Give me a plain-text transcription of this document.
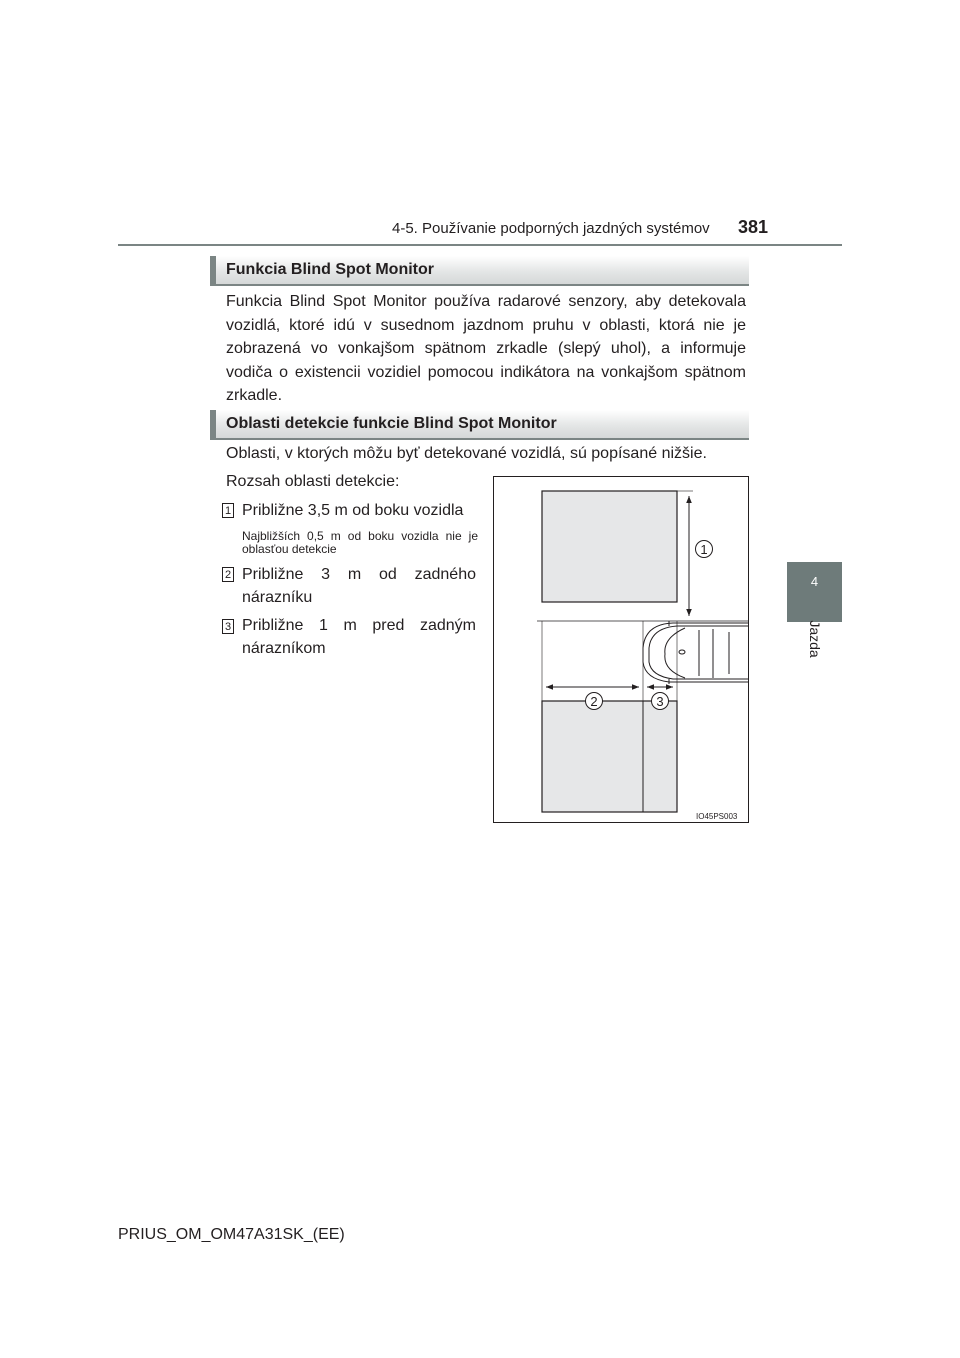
4-5. Používanie podporných jazdných systémov 381
4
Jazda
Funkcia Blind Spot Monitor
Funkcia Blind Spot Monitor používa radarové senzory, aby detekovala vozidlá, ktoré idú v susednom jazdnom pruhu v oblasti, ktorá nie je zobrazená vo vonkajšom spätnom zrkadle (slepý uhol), a informuje vodiča o existencii vozidiel pomocou indikátora na vonkajšom spätnom zrkadle.
Oblasti detekcie funkcie Blind Spot Monitor
Oblasti, v ktorých môžu byť detekované vozidlá, sú popísané nižšie.
Rozsah oblasti detekcie:
1 Približne 3,5 m od boku vozidla
Najbližších 0,5 m od boku vozidla nie je oblasťou detekcie
2 Približne 3 m od zadného nárazníku
3 Približne 1 m pred zadným nárazníkom
1
2	3
IO45PS003
PRIUS_OM_OM47A31SK_(EE)
